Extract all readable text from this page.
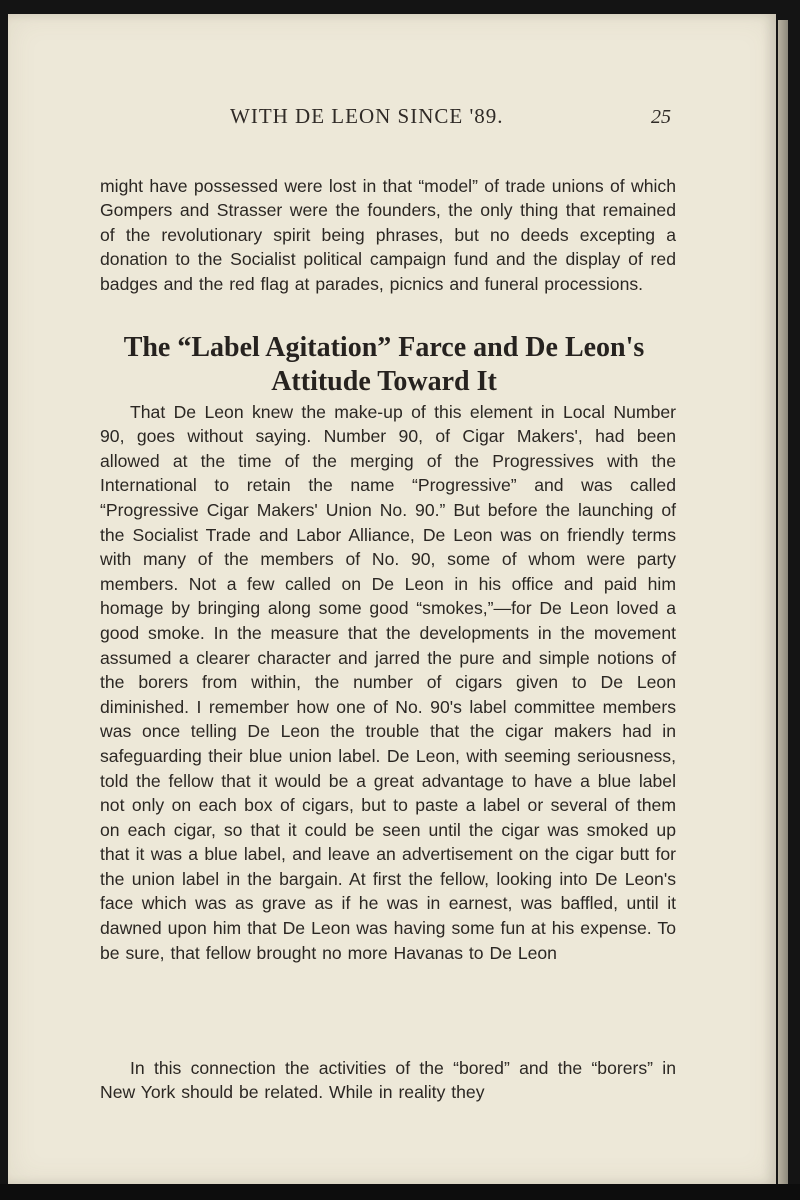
WITH DE LEON SINCE '89.	25

might have possessed were lost in that “model” of trade unions of which Gompers and Strasser were the founders, the only thing that remained of the revolutionary spirit being phrases, but no deeds excepting a donation to the Socialist political campaign fund and the display of red badges and the red flag at parades, picnics and funeral processions.

The “Label Agitation” Farce and De Leon's
Attitude Toward It

That De Leon knew the make-up of this element in Local Number 90, goes without saying. Number 90, of Cigar Makers', had been allowed at the time of the merging of the Progressives with the International to retain the name “Progressive” and was called “Progressive Cigar Makers' Union No. 90.” But before the launching of the Socialist Trade and Labor Alliance, De Leon was on friendly terms with many of the members of No. 90, some of whom were party members. Not a few called on De Leon in his office and paid him homage by bringing along some good “smokes,”—for De Leon loved a good smoke. In the measure that the developments in the movement assumed a clearer character and jarred the pure and simple notions of the borers from within, the number of cigars given to De Leon diminished. I remember how one of No. 90's label committee members was once telling De Leon the trouble that the cigar makers had in safeguarding their blue union label. De Leon, with seeming seriousness, told the fellow that it would be a great advantage to have a blue label not only on each box of cigars, but to paste a label or several of them on each cigar, so that it could be seen until the cigar was smoked up that it was a blue label, and leave an advertisement on the cigar butt for the union label in the bargain. At first the fellow, looking into De Leon's face which was as grave as if he was in earnest, was baffled, until it dawned upon him that De Leon was having some fun at his expense. To be sure, that fellow brought no more Havanas to De Leon

In this connection the activities of the “bored” and the “borers” in New York should be related. While in reality they
